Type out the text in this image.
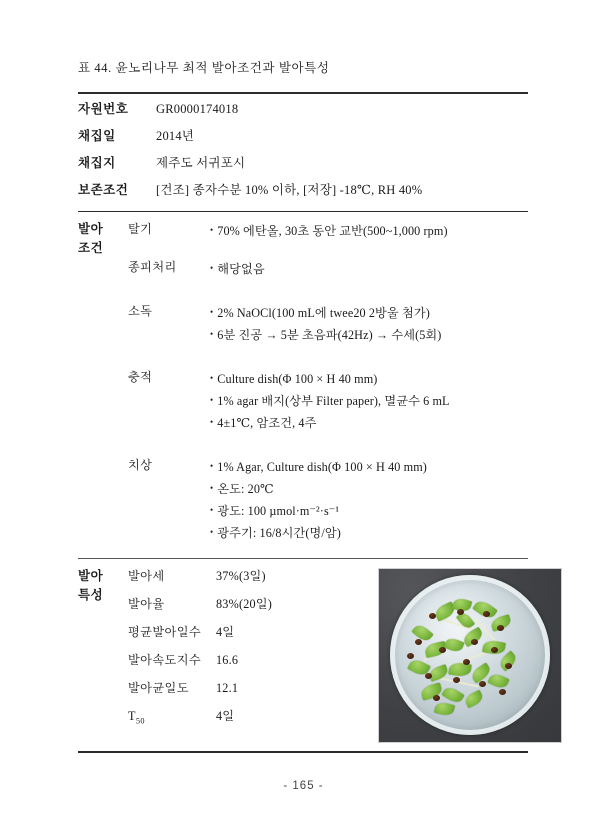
표 44. 윤노리나무 최적 발아조건과 발아특성
자원번호	GR0000174018
채집일	2014년
채집지	제주도 서귀포시
보존조건	[건조] 종자수분 10% 이하, [저장] -18℃, RH 40%
발아
조건
탈기	• 70% 에탄올, 30초 동안 교반(500~1,000 rpm)
종피처리	• 해당없음
소독	• 2% NaOCl(100 mL에 twee20 2방울 첨가)
• 6분 진공 → 5분 초음파(42Hz) → 수세(5회)
충적	• Culture dish(Φ 100 × H 40 mm)
• 1% agar 배지(상부 Filter paper), 멸균수 6 mL
• 4±1℃, 암조건, 4주
치상	• 1% Agar, Culture dish(Φ 100 × H 40 mm)
• 온도: 20℃
• 광도: 100 µmol·m⁻²·s⁻¹
• 광주기: 16/8시간(명/암)
발아
특성
발아세	37%(3일)
발아율	83%(20일)
평균발아일수	4일
발아속도지수	16.6
발아균일도	12.1
$T_{50}$	4일
- 165 -
